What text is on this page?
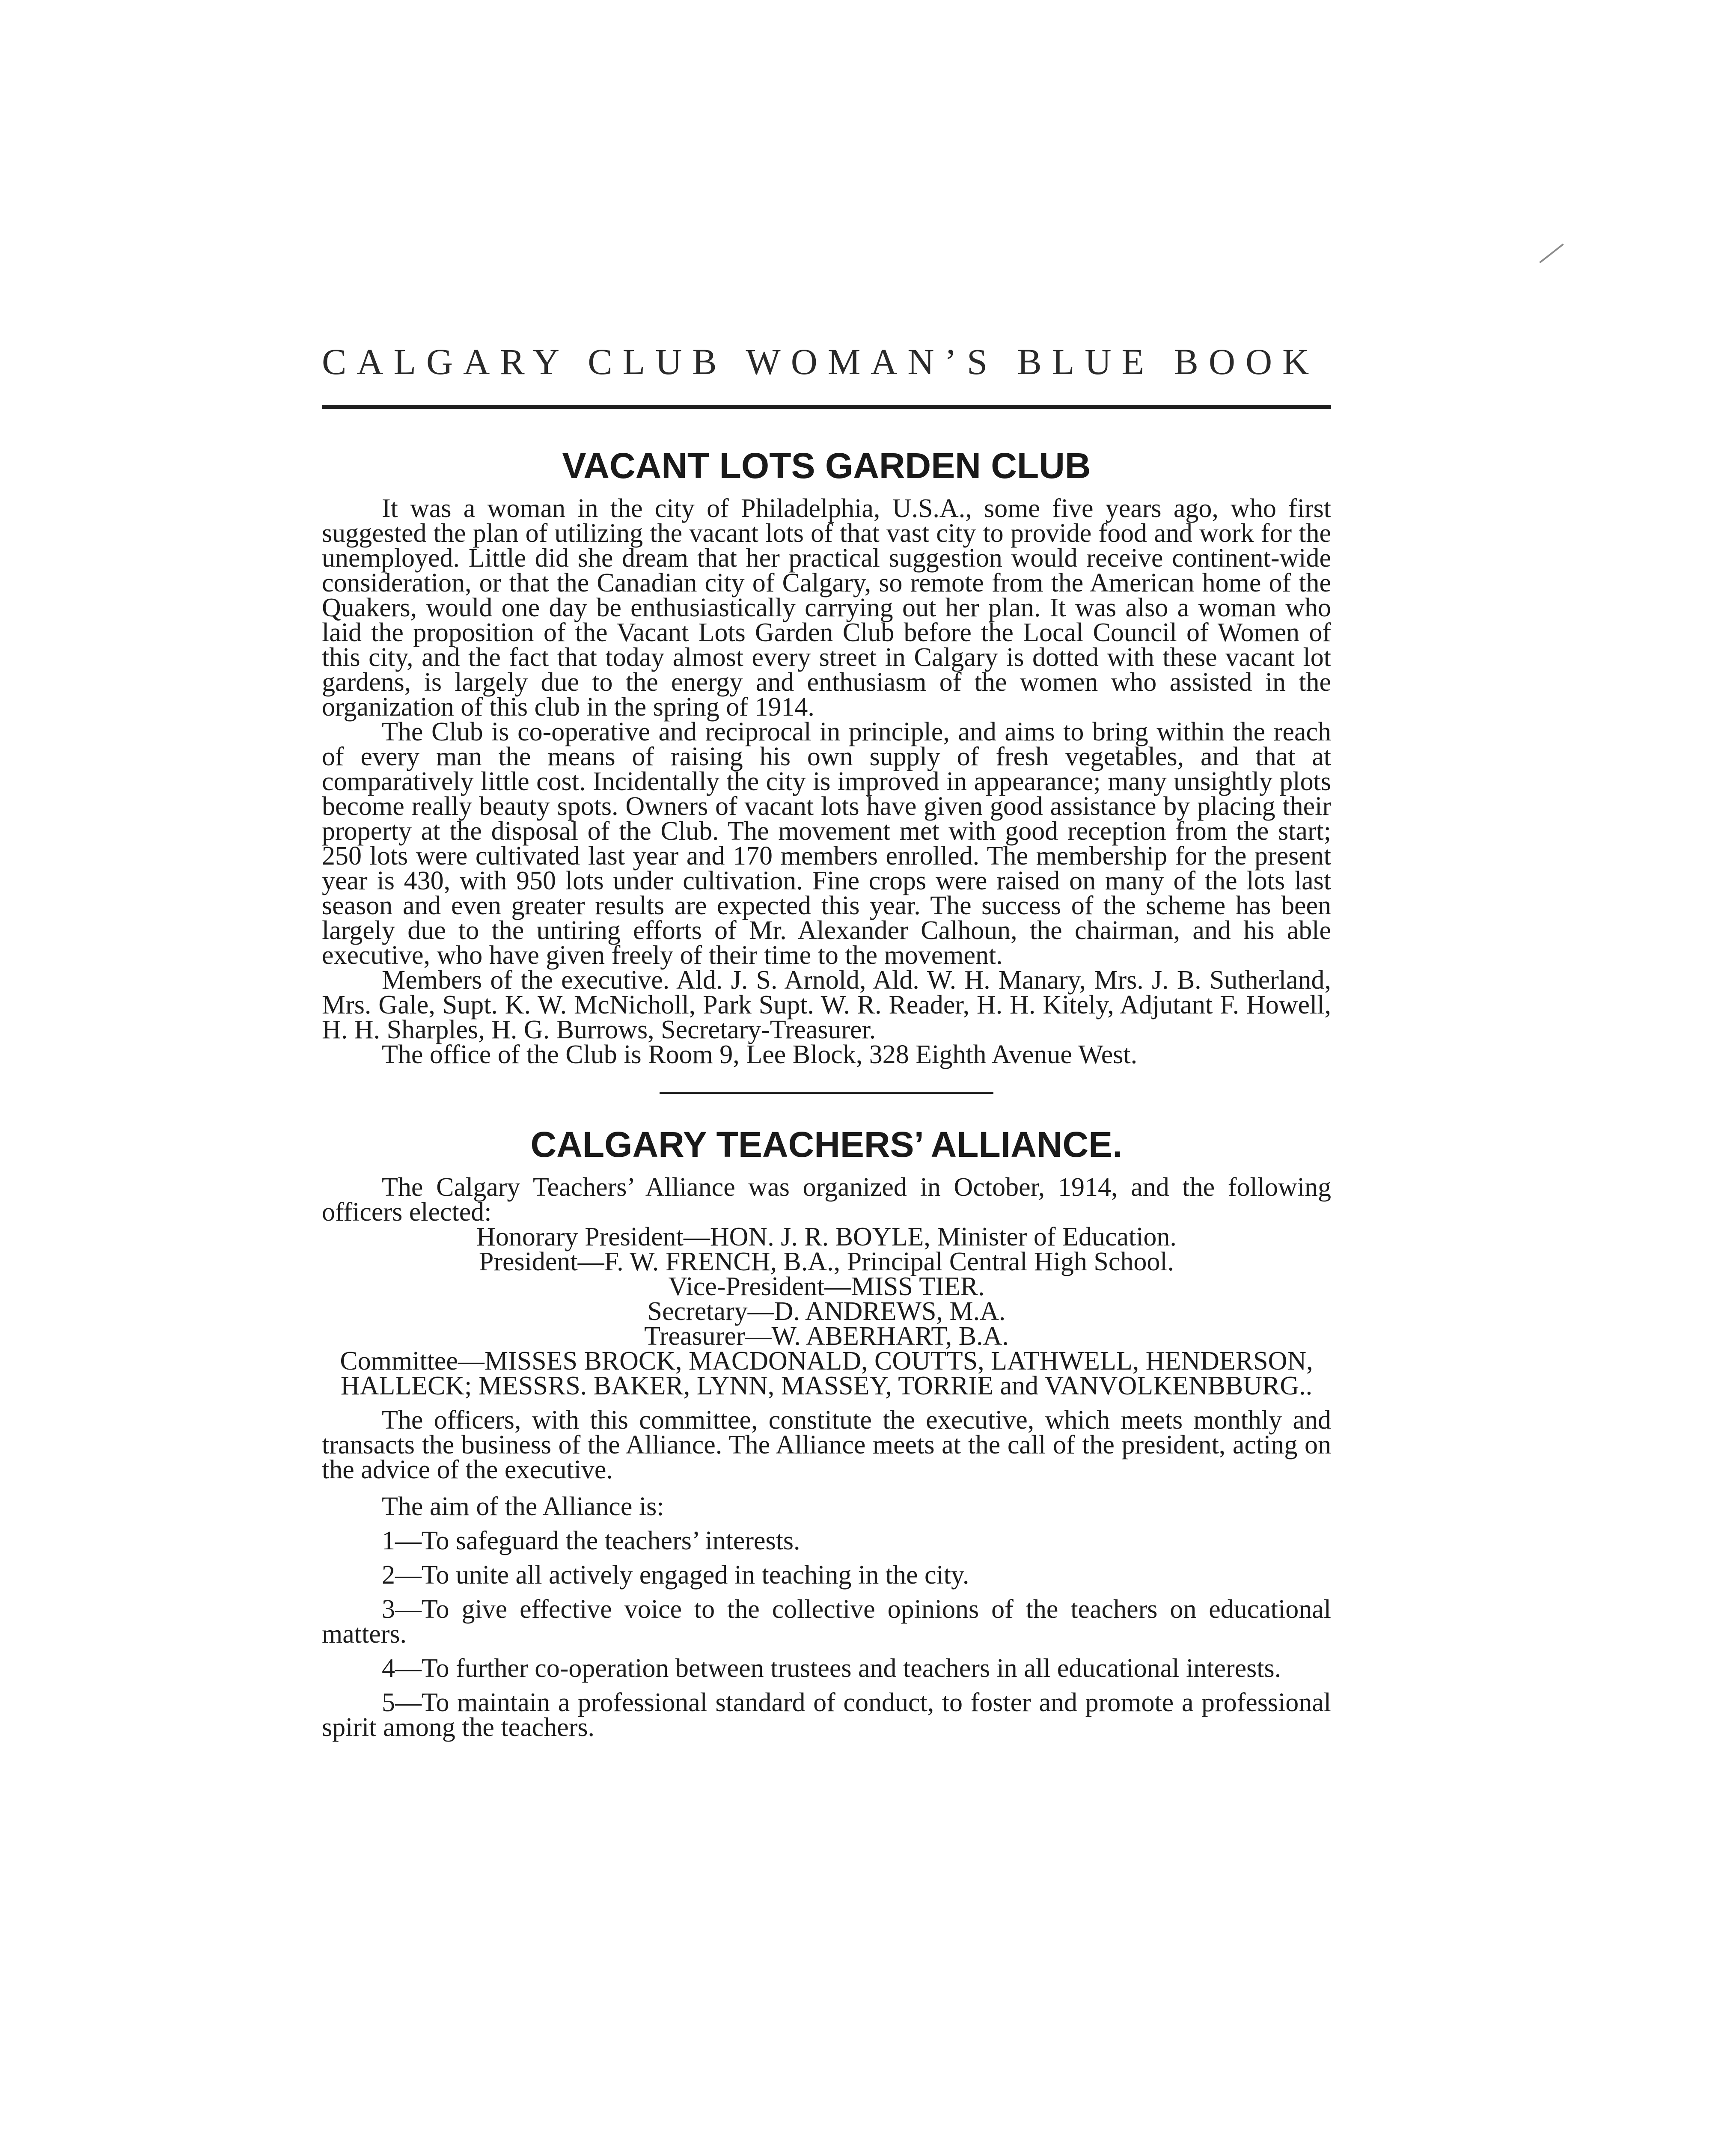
CALGARY CLUB WOMAN’S BLUE BOOK
VACANT LOTS GARDEN CLUB

It was a woman in the city of Philadelphia, U.S.A., some five years ago, who first suggested the plan of utilizing the vacant lots of that vast city to provide food and work for the unemployed. Little did she dream that her practical suggestion would receive continent-wide consideration, or that the Canadian city of Calgary, so remote from the American home of the Quakers, would one day be enthusiastically carrying out her plan. It was also a woman who laid the proposition of the Vacant Lots Garden Club before the Local Council of Women of this city, and the fact that today almost every street in Calgary is dotted with these vacant lot gardens, is largely due to the energy and enthusiasm of the women who assisted in the organization of this club in the spring of 1914.

The Club is co-operative and reciprocal in principle, and aims to bring within the reach of every man the means of raising his own supply of fresh vegetables, and that at comparatively little cost. Incidentally the city is improved in appearance; many unsightly plots become really beauty spots. Owners of vacant lots have given good assistance by placing their property at the disposal of the Club. The movement met with good reception from the start; 250 lots were cultivated last year and 170 members enrolled. The membership for the present year is 430, with 950 lots under cultivation. Fine crops were raised on many of the lots last season and even greater results are expected this year. The success of the scheme has been largely due to the untiring efforts of Mr. Alexander Calhoun, the chairman, and his able executive, who have given freely of their time to the movement.

Members of the executive. Ald. J. S. Arnold, Ald. W. H. Manary, Mrs. J. B. Sutherland, Mrs. Gale, Supt. K. W. McNicholl, Park Supt. W. R. Reader, H. H. Kitely, Adjutant F. Howell, H. H. Sharples, H. G. Burrows, Secretary-Treasurer.

The office of the Club is Room 9, Lee Block, 328 Eighth Avenue West.

CALGARY TEACHERS’ ALLIANCE.

The Calgary Teachers’ Alliance was organized in October, 1914, and the following officers elected:

Honorary President—HON. J. R. BOYLE, Minister of Education.

President—F. W. FRENCH, B.A., Principal Central High School.

Vice-President—MISS TIER.

Secretary—D. ANDREWS, M.A.

Treasurer—W. ABERHART, B.A.

Committee—MISSES BROCK, MACDONALD, COUTTS, LATHWELL, HENDERSON, HALLECK; MESSRS. BAKER, LYNN, MASSEY, TORRIE and VANVOLKENBBURG..

The officers, with this committee, constitute the executive, which meets monthly and transacts the business of the Alliance. The Alliance meets at the call of the president, acting on the advice of the executive.

The aim of the Alliance is:

1—To safeguard the teachers’ interests.

2—To unite all actively engaged in teaching in the city.

3—To give effective voice to the collective opinions of the teachers on educational matters.

4—To further co-operation between trustees and teachers in all educational interests.

5—To maintain a professional standard of conduct, to foster and promote a professional spirit among the teachers.
